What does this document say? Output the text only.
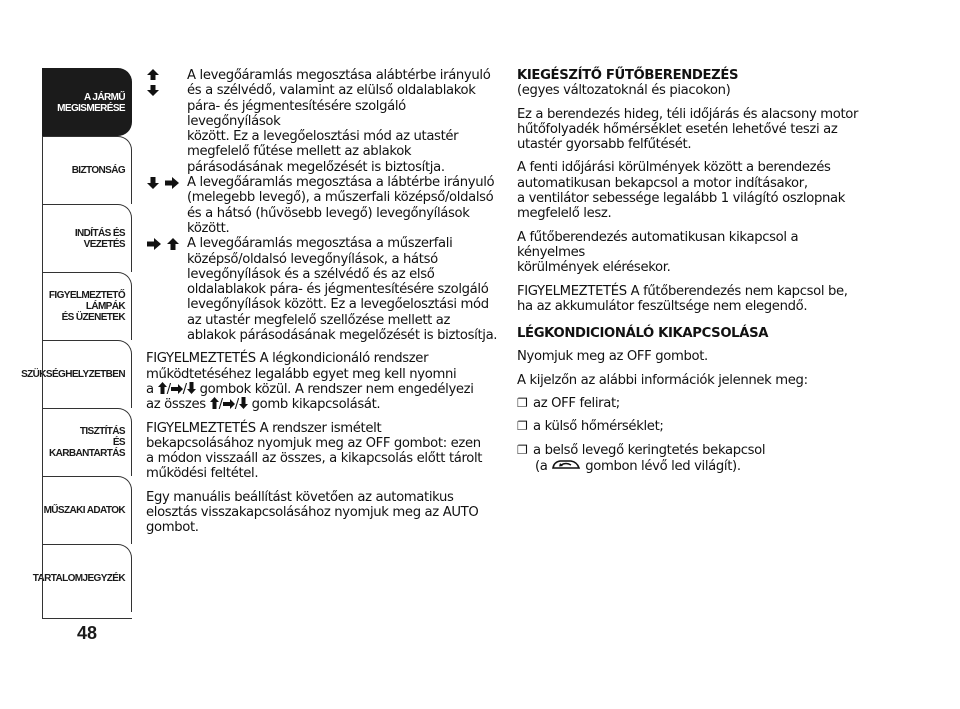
A JÁRMŰ
MEGISMERÉSE
BIZTONSÁG
INDÍTÁS ÉS VEZETÉS
FIGYELMEZTETŐ
LÁMPÁK
ÉS ÜZENETEK
SZÜKSÉGHELYZETBEN
TISZTÍTÁS
ÉS KARBANTARTÁS
MŰSZAKI ADATOK
TARTALOMJEGYZÉK
48
A levegőáramlás megosztása alábtérbe irányuló
és a szélvédő, valamint az elülső oldalablakok
pára- és jégmentesítésére szolgáló levegőnyílások
között. Ez a levegőelosztási mód az utastér
megfelelő fűtése mellett az ablakok
párásodásának megelőzését is biztosítja.
A levegőáramlás megosztása a lábtérbe irányuló
(melegebb levegő), a műszerfali középső/oldalsó
és a hátsó (hűvösebb levegő) levegőnyílások
között.
A levegőáramlás megosztása a műszerfali
középső/oldalsó levegőnyílások, a hátsó
levegőnyílások és a szélvédő és az első
oldalablakok pára- és jégmentesítésére szolgáló
levegőnyílások között. Ez a levegőelosztási mód
az utastér megfelelő szellőzése mellett az
ablakok párásodásának megelőzését is biztosítja.

FIGYELMEZTETÉS A légkondicionáló rendszer
működtetéséhez legalább egyet meg kell nyomni
a / / gombok közül. A rendszer nem engedélyezi
az összes / / gomb kikapcsolását.

FIGYELMEZTETÉS A rendszer ismételt
bekapcsolásához nyomjuk meg az OFF gombot: ezen
a módon visszaáll az összes, a kikapcsolás előtt tárolt
működési feltétel.

Egy manuális beállítást követően az automatikus
elosztás visszakapcsolásához nyomjuk meg az AUTO
gombot.

KIEGÉSZÍTŐ FŰTŐBERENDEZÉS

(egyes változatoknál és piacokon)

Ez a berendezés hideg, téli időjárás és alacsony motor
hűtőfolyadék hőmérséklet esetén lehetővé teszi az
utastér gyorsabb felfűtését.

A fenti időjárási körülmények között a berendezés
automatikusan bekapcsol a motor indításakor,
a ventilátor sebessége legalább 1 világító oszlopnak
megfelelő lesz.

A fűtőberendezés automatikusan kikapcsol a kényelmes
körülmények elérésekor.

FIGYELMEZTETÉS A fűtőberendezés nem kapcsol be,
ha az akkumulátor feszültsége nem elegendő.

LÉGKONDICIONÁLÓ KIKAPCSOLÁSA

Nyomjuk meg az OFF gombot.

A kijelzőn az alábbi információk jelennek meg:

❐ az OFF felirat;
❐ a külső hőmérséklet;
❐ a belső levegő keringtetés bekapcsol
(a  gombon lévő led világít).
